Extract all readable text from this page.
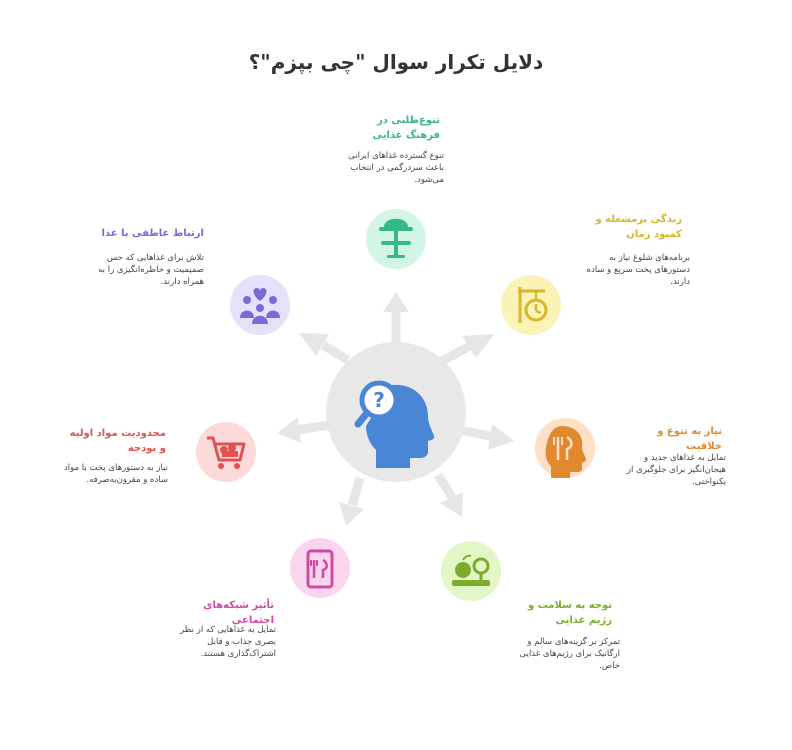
دلایل تکرار سوال "چی بپزم"؟
?
تنوع‌طلبی در فرهنگ غذایی
تنوع گسترده غذاهای ایرانی باعث سردرگمی در انتخاب می‌شود.
زندگی پرمشغله و کمبود زمان
برنامه‌های شلوغ نیاز به دستورهای پخت سریع و ساده دارند.
نیاز به تنوع و خلاقیت
تمایل به غذاهای جدید و هیجان‌انگیز برای جلوگیری از یکنواختی.
توجه به سلامت و رژیم غذایی
تمرکز بر گزینه‌های سالم و ارگانیک برای رژیم‌های غذایی خاص.
تأثیر شبکه‌های اجتماعی
تمایل به غذاهایی که از نظر بصری جذاب و قابل اشتراک‌گذاری هستند.
محدودیت مواد اولیه و بودجه
نیاز به دستورهای پخت با مواد ساده و مقرون‌به‌صرفه.
ارتباط عاطفی با غذا
تلاش برای غذاهایی که حس صمیمیت و خاطره‌انگیزی را به همراه دارند.
